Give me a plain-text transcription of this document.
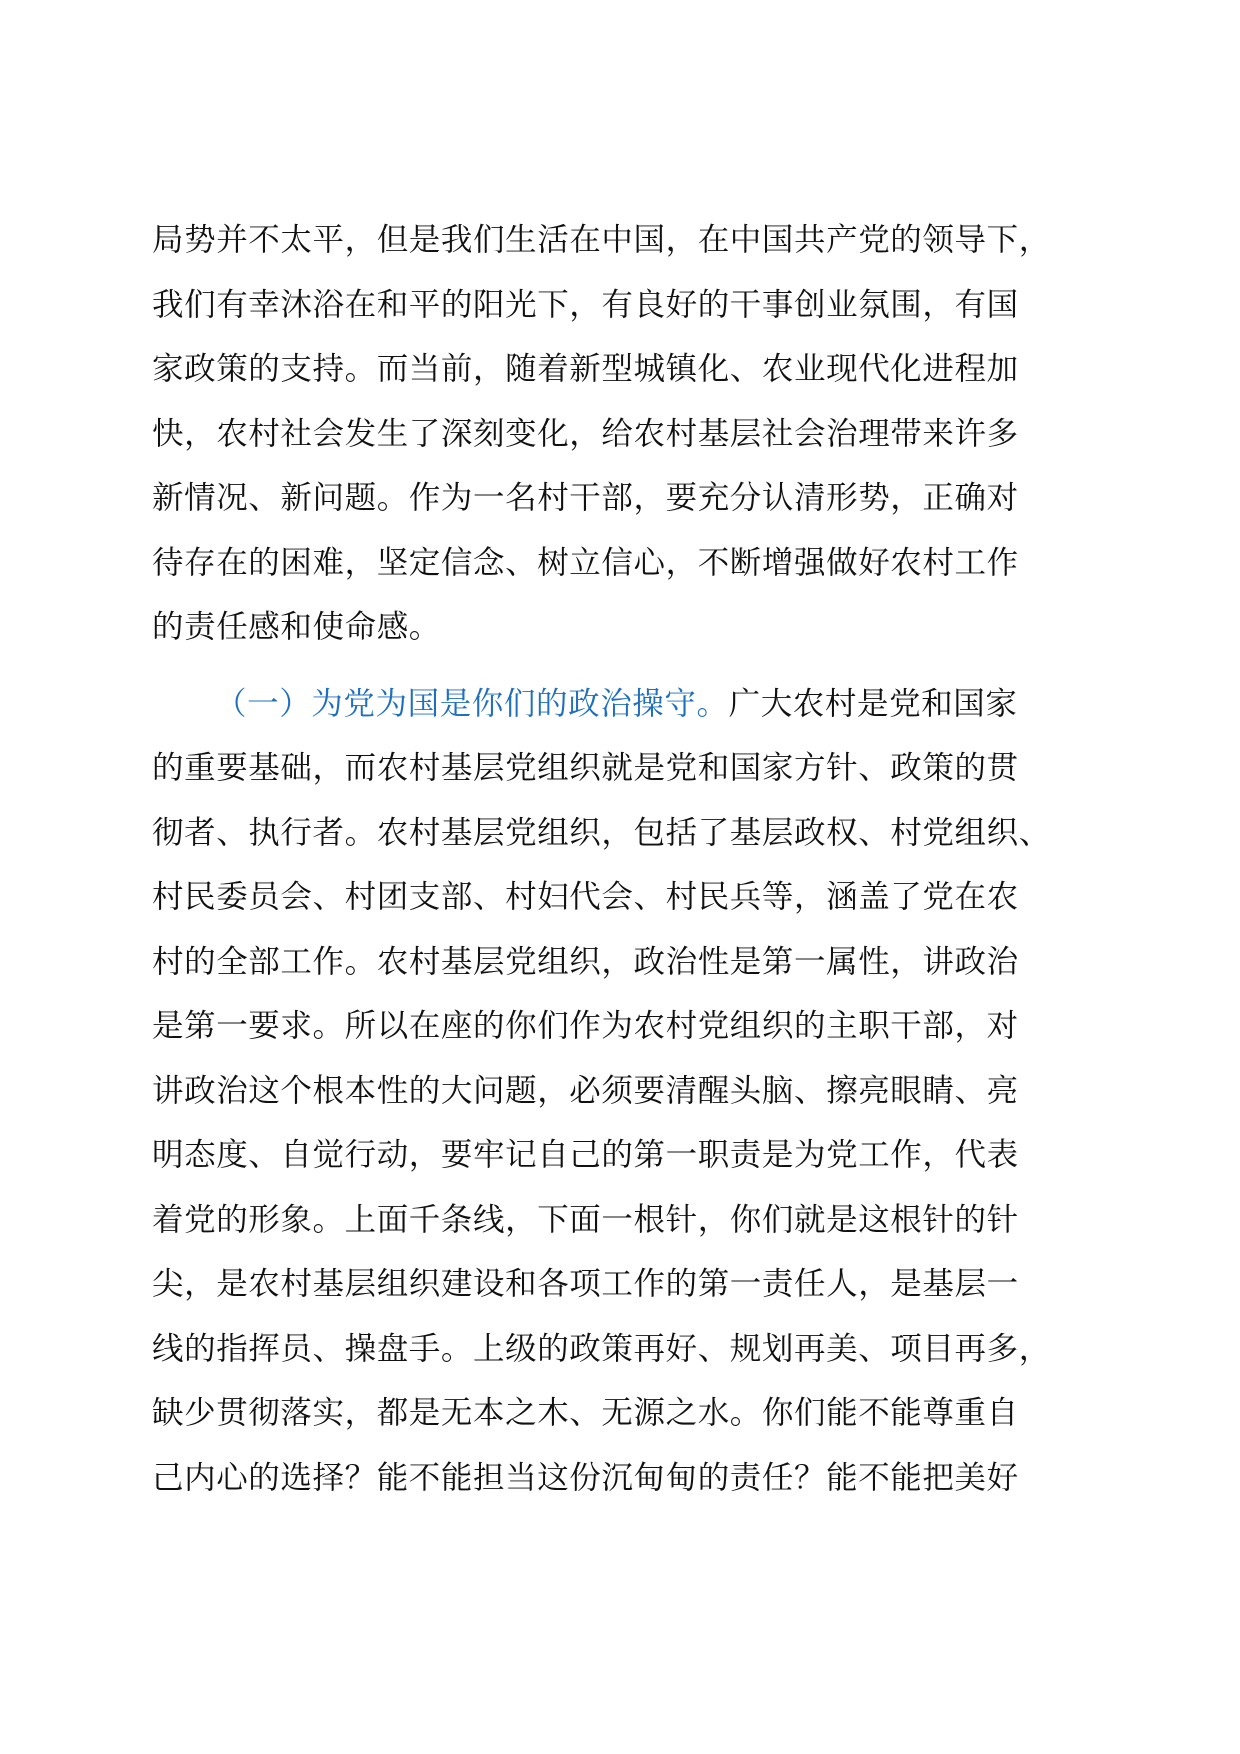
局势并不太平，但是我们生活在中国，在中国共产党的领导下，
我们有幸沐浴在和平的阳光下，有良好的干事创业氛围，有国
家政策的支持。而当前，随着新型城镇化、农业现代化进程加
快，农村社会发生了深刻变化，给农村基层社会治理带来许多
新情况、新问题。作为一名村干部，要充分认清形势，正确对
待存在的困难，坚定信念、树立信心，不断增强做好农村工作
的责任感和使命感。
（一）为党为国是你们的政治操守。广大农村是党和国家
的重要基础，而农村基层党组织就是党和国家方针、政策的贯
彻者、执行者。农村基层党组织，包括了基层政权、村党组织、
村民委员会、村团支部、村妇代会、村民兵等，涵盖了党在农
村的全部工作。农村基层党组织，政治性是第一属性，讲政治
是第一要求。所以在座的你们作为农村党组织的主职干部，对
讲政治这个根本性的大问题，必须要清醒头脑、擦亮眼睛、亮
明态度、自觉行动，要牢记自己的第一职责是为党工作，代表
着党的形象。上面千条线，下面一根针，你们就是这根针的针
尖，是农村基层组织建设和各项工作的第一责任人，是基层一
线的指挥员、操盘手。上级的政策再好、规划再美、项目再多，
缺少贯彻落实，都是无本之木、无源之水。你们能不能尊重自
己内心的选择？能不能担当这份沉甸甸的责任？能不能把美好
